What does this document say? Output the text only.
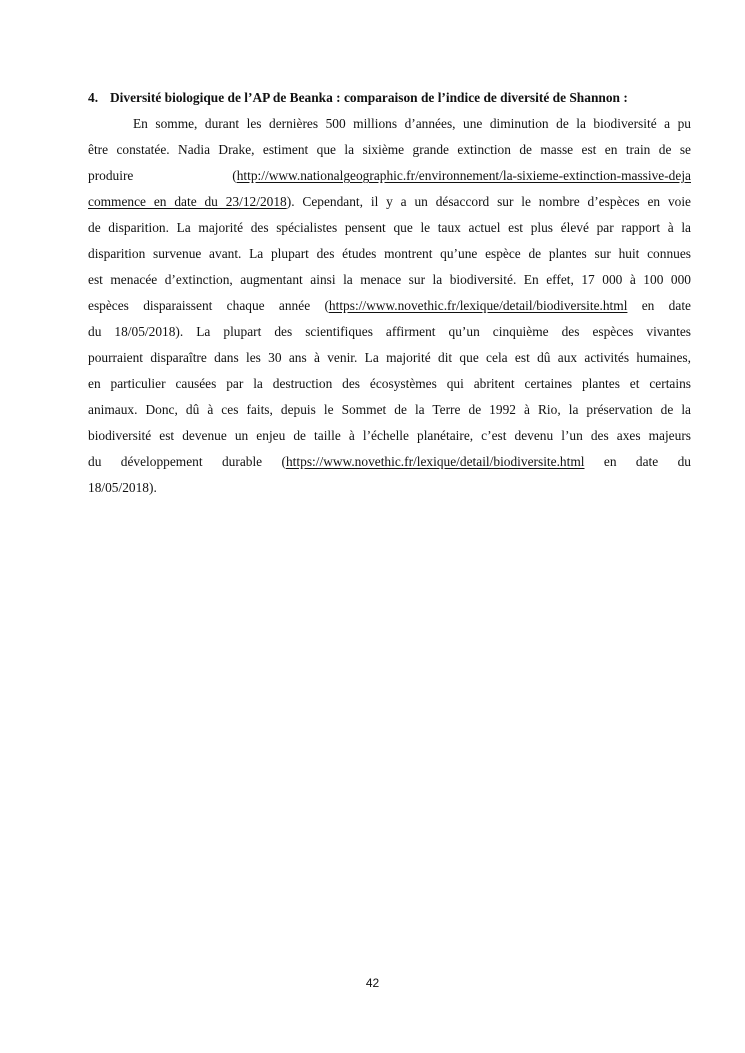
4. Diversité biologique de l’AP de Beanka : comparaison de l’indice de diversité de Shannon :
En somme, durant les dernières 500 millions d’années, une diminution de la biodiversité a pu
être constatée. Nadia Drake, estiment que la sixième grande extinction de masse est en train de se
produire (http://www.nationalgeographic.fr/environnement/la-sixieme-extinction-massive-deja
commence en date du 23/12/2018). Cependant, il y a un désaccord sur le nombre d’espèces en voie
de disparition. La majorité des spécialistes pensent que le taux actuel est plus élevé par rapport à la
disparition survenue avant. La plupart des études montrent qu’une espèce de plantes sur huit connues
est menacée d’extinction, augmentant ainsi la menace sur la biodiversité. En effet, 17 000 à 100 000
espèces disparaissent chaque année (https://www.novethic.fr/lexique/detail/biodiversite.html en date
du 18/05/2018). La plupart des scientifiques affirment qu’un cinquième des espèces vivantes
pourraient disparaître dans les 30 ans à venir. La majorité dit que cela est dû aux activités humaines,
en particulier causées par la destruction des écosystèmes qui abritent certaines plantes et certains
animaux. Donc, dû à ces faits, depuis le Sommet de la Terre de 1992 à Rio, la préservation de la
biodiversité est devenue un enjeu de taille à l’échelle planétaire, c’est devenu l’un des axes majeurs
du développement durable (https://www.novethic.fr/lexique/detail/biodiversite.html en date du
18/05/2018).
42
